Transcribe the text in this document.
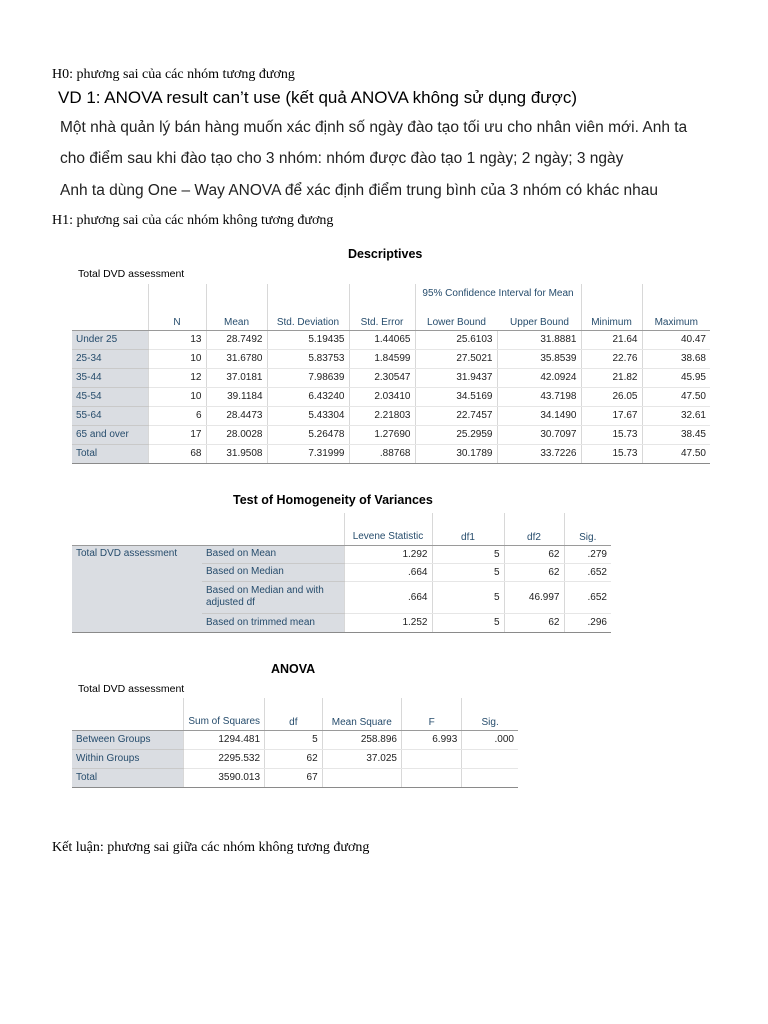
H0: phương sai của các nhóm tương đương
VD 1: ANOVA result can’t use (kết quả ANOVA không sử dụng được)
Một nhà quản lý bán hàng muốn xác định số ngày đào tạo tối ưu cho nhân viên mới. Anh ta
cho điểm sau khi đào tạo cho 3 nhóm: nhóm được đào tạo 1 ngày; 2 ngày; 3 ngày
Anh ta dùng One – Way ANOVA để xác định điểm trung bình của 3 nhóm có khác nhau
H1: phương sai của các nhóm không tương đương
Descriptives
Total DVD assessment
	N	Mean	Std. Deviation	Std. Error	95% Confidence Interval for Mean
Lower Bound Upper Bound		Minimum	Maximum
Under 25	13	28.7492	5.19435	1.44065	25.6103	31.8881	21.64	40.47
25-34	10	31.6780	5.83753	1.84599	27.5021	35.8539	22.76	38.68
35-44	12	37.0181	7.98639	2.30547	31.9437	42.0924	21.82	45.95
45-54	10	39.1184	6.43240	2.03410	34.5169	43.7198	26.05	47.50
55-64	6	28.4473	5.43304	2.21803	22.7457	34.1490	17.67	32.61
65 and over	17	28.0028	5.26478	1.27690	25.2959	30.7097	15.73	38.45
Total	68	31.9508	7.31999	.88768	30.1789	33.7226	15.73	47.50
Test of Homogeneity of Variances
		Levene Statistic	df1	df2	Sig.
Total DVD assessment	Based on Mean	1.292	5	62	.279
	Based on Median	.664	5	62	.652
	Based on Median and with adjusted df	.664	5	46.997	.652
	Based on trimmed mean	1.252	5	62	.296
ANOVA
Total DVD assessment
	Sum of Squares	df	Mean Square	F	Sig.
Between Groups	1294.481	5	258.896	6.993	.000
Within Groups	2295.532	62	37.025		
Total	3590.013	67			
Kết luận: phương sai giữa các nhóm không tương đương
